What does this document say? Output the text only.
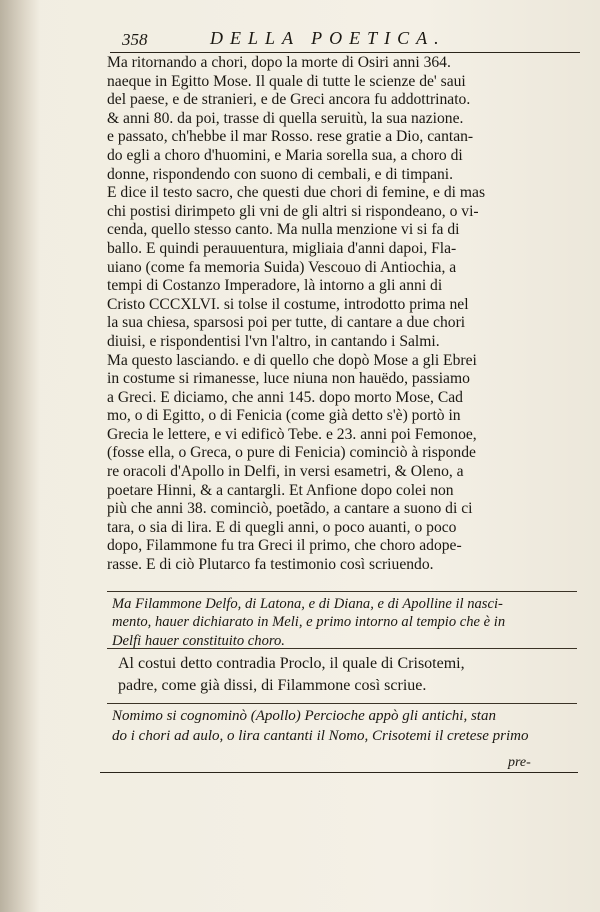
358	DELLA POETICA.
Ma ritornando a chori, dopo la morte di Osiri anni 364.
naeque in Egitto Mose. Il quale di tutte le scienze de' saui
del paese, e de stranieri, e de Greci ancora fu addottrinato.
& anni 80. da poi, trasse di quella seruitù, la sua nazione.
e passato, ch'hebbe il mar Rosso. rese gratie a Dio, cantan-
do egli a choro d'huomini, e Maria sorella sua, a choro di
donne, rispondendo con suono di cembali, e di timpani.
E dice il testo sacro, che questi due chori di femine, e di mas
chi postisi dirimpeto gli vni de gli altri si rispondeano, o vi-
cenda, quello stesso canto. Ma nulla menzione vi si fa di
ballo. E quindi perauuentura, migliaia d'anni dapoi, Fla-
uiano (come fa memoria Suida) Vescouo di Antiochia, a
tempi di Costanzo Imperadore, là intorno a gli anni di
Cristo CCCXLVI. si tolse il costume, introdotto prima nel
la sua chiesa, sparsosi poi per tutte, di cantare a due chori
diuisi, e rispondentisi l'vn l'altro, in cantando i Salmi.
Ma questo lasciando. e di quello che dopò Mose a gli Ebrei
in costume si rimanesse, luce niuna non hauëdo, passiamo
a Greci. E diciamo, che anni 145. dopo morto Mose, Cad
mo, o di Egitto, o di Fenicia (come già detto s'è) portò in
Grecia le lettere, e vi edificò Tebe. e 23. anni poi Femonoe,
(fosse ella, o Greca, o pure di Fenicia) cominciò à risponde
re oracoli d'Apollo in Delfi, in versi esametri, & Oleno, a
poetare Hinni, & a cantargli. Et Anfione dopo colei non
più che anni 38. cominciò, poetãdo, a cantare a suono di ci
tara, o sia di lira. E di quegli anni, o poco auanti, o poco
dopo, Filammone fu tra Greci il primo, che choro adope-
rasse. E di ciò Plutarco fa testimonio così scriuendo.
Ma Filammone Delfo, di Latona, e di Diana, e di Apolline il nasci-
mento, hauer dichiarato in Meli, e primo intorno al tempio che è in
Delfi hauer constituito choro.
Al costui detto contradia Proclo, il quale di Crisotemi,
padre, come già dissi, di Filammone così scriue.
Nomimo si cognominò (Apollo) Percioche appò gli antichi, stan
do i chori ad aulo, o lira cantanti il Nomo, Crisotemi il cretese primo
pre-
